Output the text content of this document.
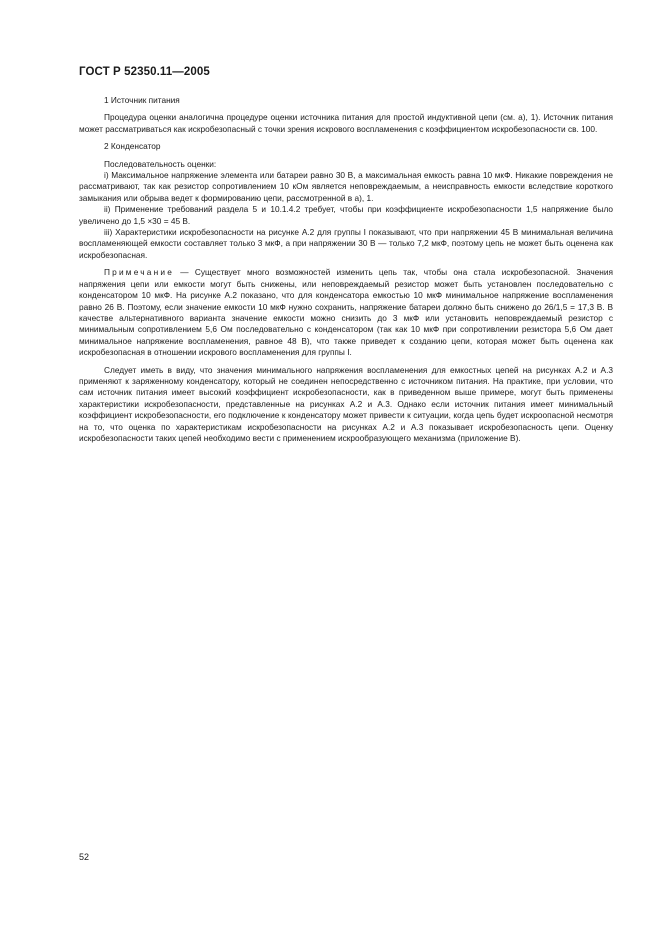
ГОСТ Р 52350.11—2005

1 Источник питания

Процедура оценки аналогична процедуре оценки источника питания для простой индуктивной цепи (см. а), 1). Источник питания может рассматриваться как искробезопасный с точки зрения искрового воспламенения с коэффициентом искробезопасности св. 100.

2 Конденсатор

Последовательность оценки:

i) Максимальное напряжение элемента или батареи равно 30 В, а максимальная емкость равна 10 мкФ. Никакие повреждения не рассматривают, так как резистор сопротивлением 10 кОм является неповреждаемым, а неисправность емкости вследствие короткого замыкания или обрыва ведет к формированию цепи, рассмотренной в а), 1.

ii) Применение требований раздела 5 и 10.1.4.2 требует, чтобы при коэффициенте искробезопасности 1,5 напряжение было увеличено до 1,5 ×30 = 45 В.

iii) Характеристики искробезопасности на рисунке А.2 для группы I показывают, что при напряжении 45 В минимальная величина воспламеняющей емкости составляет только 3 мкФ, а при напряжении 30 В — только 7,2 мкФ, поэтому цепь не может быть оценена как искробезопасная.

Примечание — Существует много возможностей изменить цепь так, чтобы она стала искробезопасной. Значения напряжения цепи или емкости могут быть снижены, или неповреждаемый резистор может быть установлен последовательно с конденсатором 10 мкФ. На рисунке А.2 показано, что для конденсатора емкостью 10 мкФ минимальное напряжение воспламенения равно 26 В. Поэтому, если значение емкости 10 мкФ нужно сохранить, напряжение батареи должно быть снижено до 26/1,5 = 17,3 В. В качестве альтернативного варианта значение емкости можно снизить до 3 мкФ или установить неповреждаемый резистор с минимальным сопротивлением 5,6 Ом последовательно с конденсатором (так как 10 мкФ при сопротивлении резистора 5,6 Ом дает минимальное напряжение воспламенения, равное 48 В), что также приведет к созданию цепи, которая может быть оценена как искробезопасная в отношении искрового воспламенения для группы I.

Следует иметь в виду, что значения минимального напряжения воспламенения для емкостных цепей на рисунках А.2 и А.3 применяют к заряженному конденсатору, который не соединен непосредственно с источником питания. На практике, при условии, что сам источник питания имеет высокий коэффициент искробезопасности, как в приведенном выше примере, могут быть применены характеристики искробезопасности, представленные на рисунках А.2 и А.3. Однако если источник питания имеет минимальный коэффициент искробезопасности, его подключение к конденсатору может привести к ситуации, когда цепь будет искроопасной несмотря на то, что оценка по характеристикам искробезопасности на рисунках А.2 и А.3 показывает искробезопасность цепи. Оценку искробезопасности таких цепей необходимо вести с применением искрообразующего механизма (приложение В).

52
